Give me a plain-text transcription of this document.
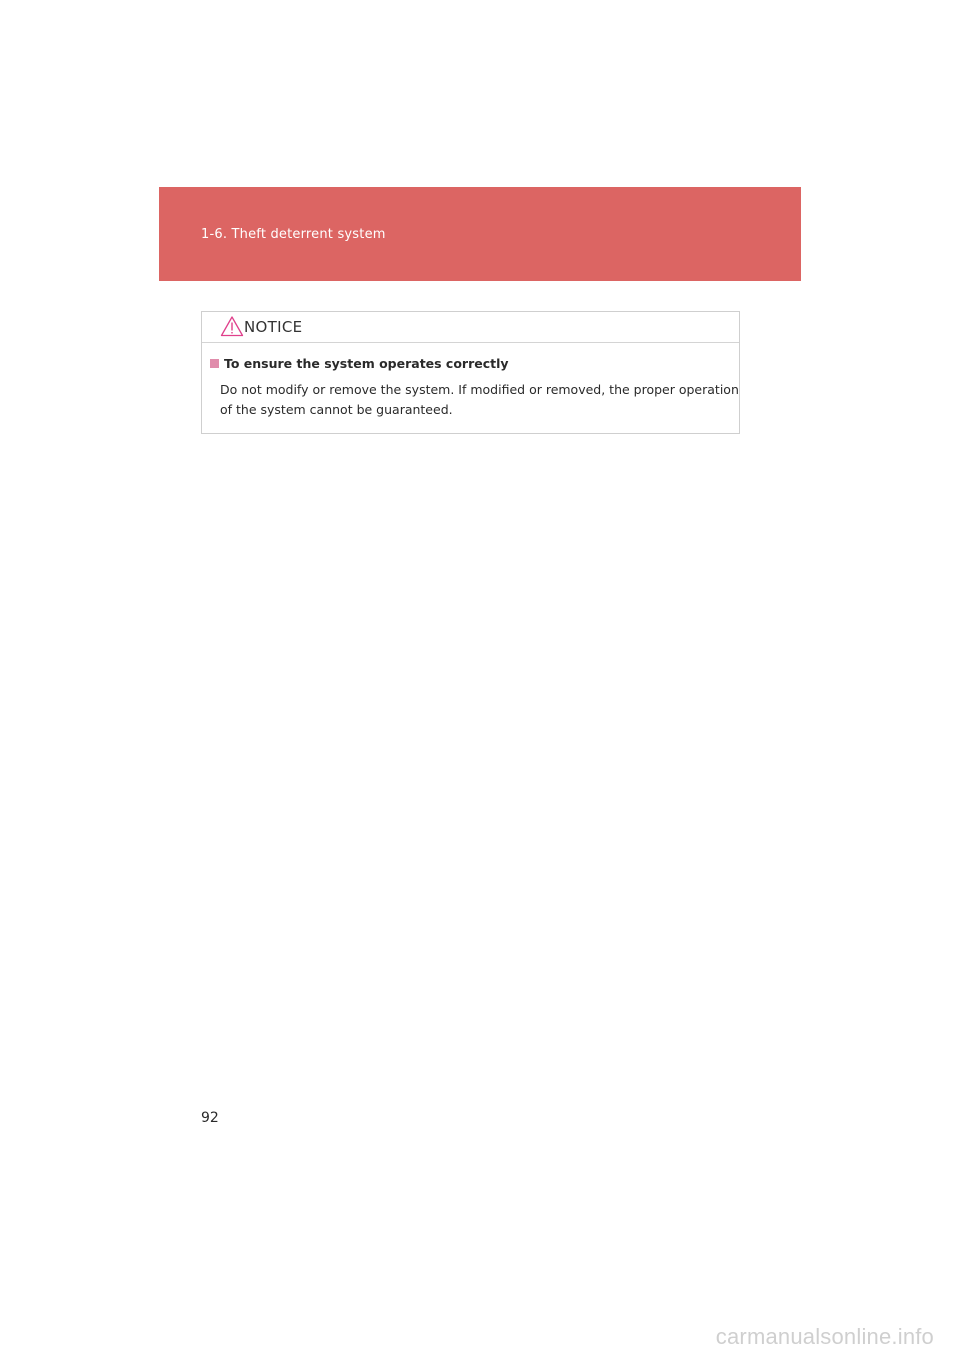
1-6. Theft deterrent system
NOTICE
To ensure the system operates correctly
Do not modify or remove the system. If modified or removed, the proper operation of the system cannot be guaranteed.
92
carmanualsonline.info
